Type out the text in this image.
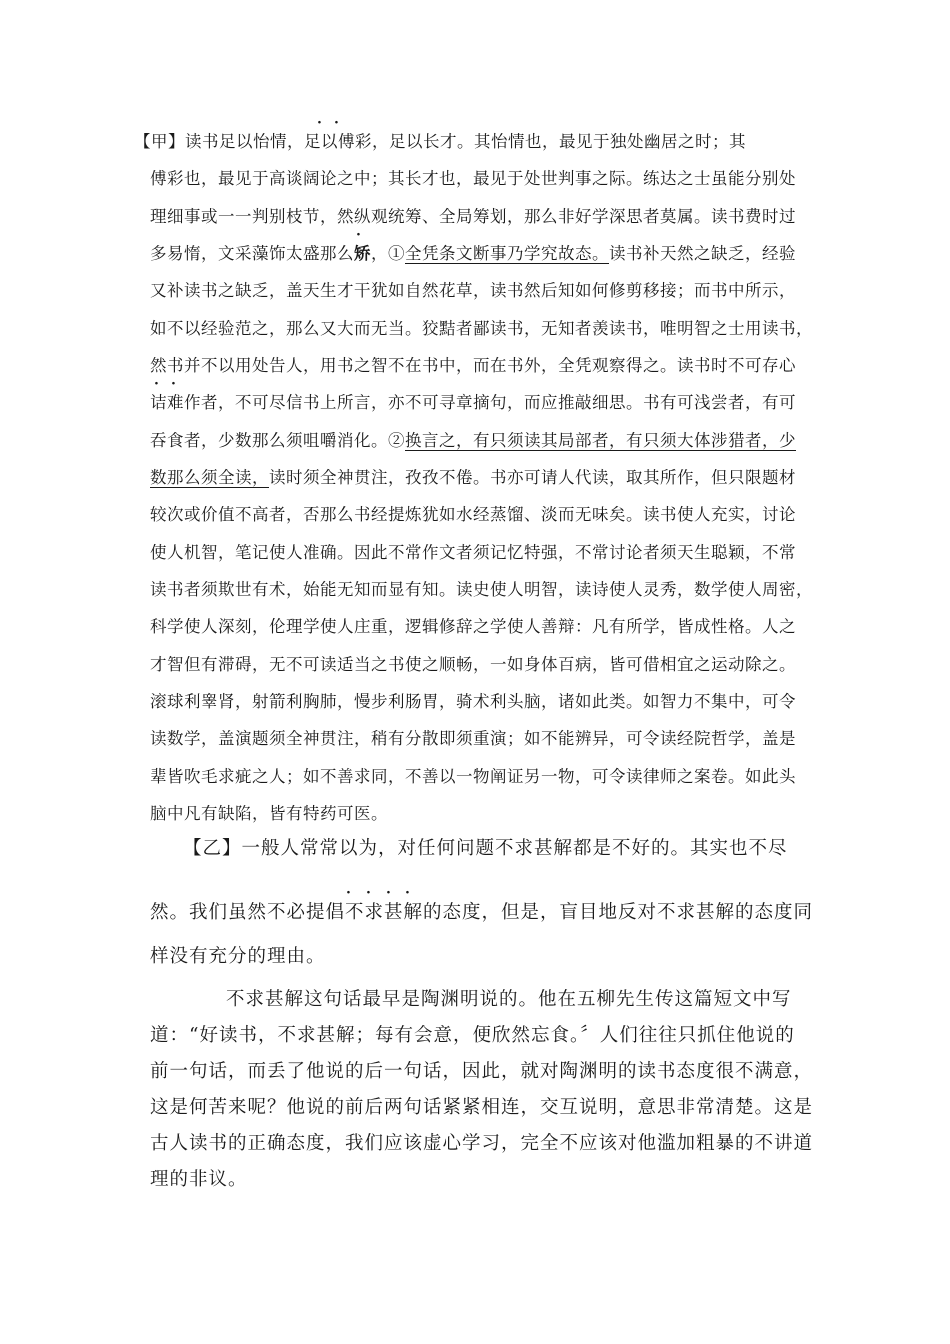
【甲】读书足以怡情，足以傅彩，足以长才。其怡情也，最见于独处幽居之时；其
傅彩也，最见于高谈阔论之中；其长才也，最见于处世判事之际。练达之士虽能分别处
理细事或一一判别枝节，然纵观统筹、全局筹划，那么非好学深思者莫属。读书费时过
多易惰，文采藻饰太盛那么矫，①全凭条文断事乃学究故态。读书补天然之缺乏，经验
又补读书之缺乏，盖天生才干犹如自然花草，读书然后知如何修剪移接；而书中所示，
如不以经验范之，那么又大而无当。狡黠者鄙读书，无知者羡读书，唯明智之士用读书，
然书并不以用处告人，用书之智不在书中，而在书外，全凭观察得之。读书时不可存心
诘难作者，不可尽信书上所言，亦不可寻章摘句，而应推敲细思。书有可浅尝者，有可
吞食者，少数那么须咀嚼消化。②换言之，有只须读其局部者，有只须大体涉猎者，少
数那么须全读，读时须全神贯注，孜孜不倦。书亦可请人代读，取其所作，但只限题材
较次或价值不高者，否那么书经提炼犹如水经蒸馏、淡而无味矣。读书使人充实，讨论
使人机智，笔记使人准确。因此不常作文者须记忆特强，不常讨论者须天生聪颖，不常
读书者须欺世有术，始能无知而显有知。读史使人明智，读诗使人灵秀，数学使人周密，
科学使人深刻，伦理学使人庄重，逻辑修辞之学使人善辩：凡有所学，皆成性格。人之
才智但有滞碍，无不可读适当之书使之顺畅，一如身体百病，皆可借相宜之运动除之。
滚球利睾肾，射箭利胸肺，慢步利肠胃，骑术利头脑，诸如此类。如智力不集中，可令
读数学，盖演题须全神贯注，稍有分散即须重演；如不能辨异，可令读经院哲学，盖是
辈皆吹毛求疵之人；如不善求同，不善以一物阐证另一物，可令读律师之案卷。如此头
脑中凡有缺陷，皆有特药可医。
· ·
·
· ·
【乙】一般人常常以为，对任何问题不求甚解都是不好的。其实也不尽
然。我们虽然不必提倡不求甚解的态度，但是，盲目地反对不求甚解的态度同
样没有充分的理由。
· · · ·
不求甚解这句话最早是陶渊明说的。他在五柳先生传这篇短文中写
道：“好读书，不求甚解；每有会意，便欣然忘食。〞人们往往只抓住他说的
前一句话，而丢了他说的后一句话，因此，就对陶渊明的读书态度很不满意，
这是何苦来呢？他说的前后两句话紧紧相连，交互说明，意思非常清楚。这是
古人读书的正确态度，我们应该虚心学习，完全不应该对他滥加粗暴的不讲道
理的非议。
